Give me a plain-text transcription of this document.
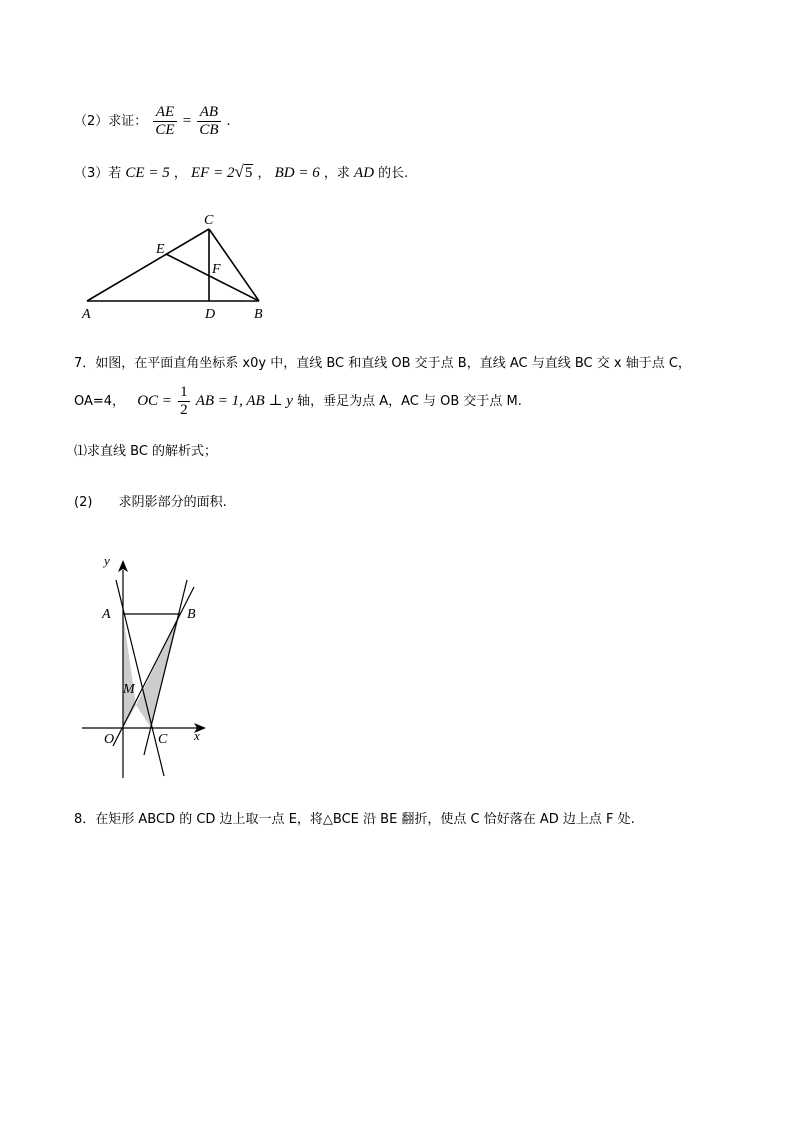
（2）求证： $\frac{AE}{CE} = \frac{AB}{CB}$ .
（3）若 CE = 5 ， EF = 2√5 ， BD = 6 ，求 AD 的长.
C
E
F
A	D	B
7．如图，在平面直角坐标系 x0y 中，直线 BC 和直线 OB 交于点 B，直线 AC 与直线 BC 交 x 轴于点 C，
OA=4， OC = $\frac{1}{2}$ AB = 1, AB ⊥ y 轴，垂足为点 A，AC 与 OB 交于点 M.
⑴求直线 BC 的解析式；
(2) 求阴影部分的面积.
y
A	B
M
O	C x
8．在矩形 ABCD 的 CD 边上取一点 E，将△BCE 沿 BE 翻折，使点 C 恰好落在 AD 边上点 F 处.
